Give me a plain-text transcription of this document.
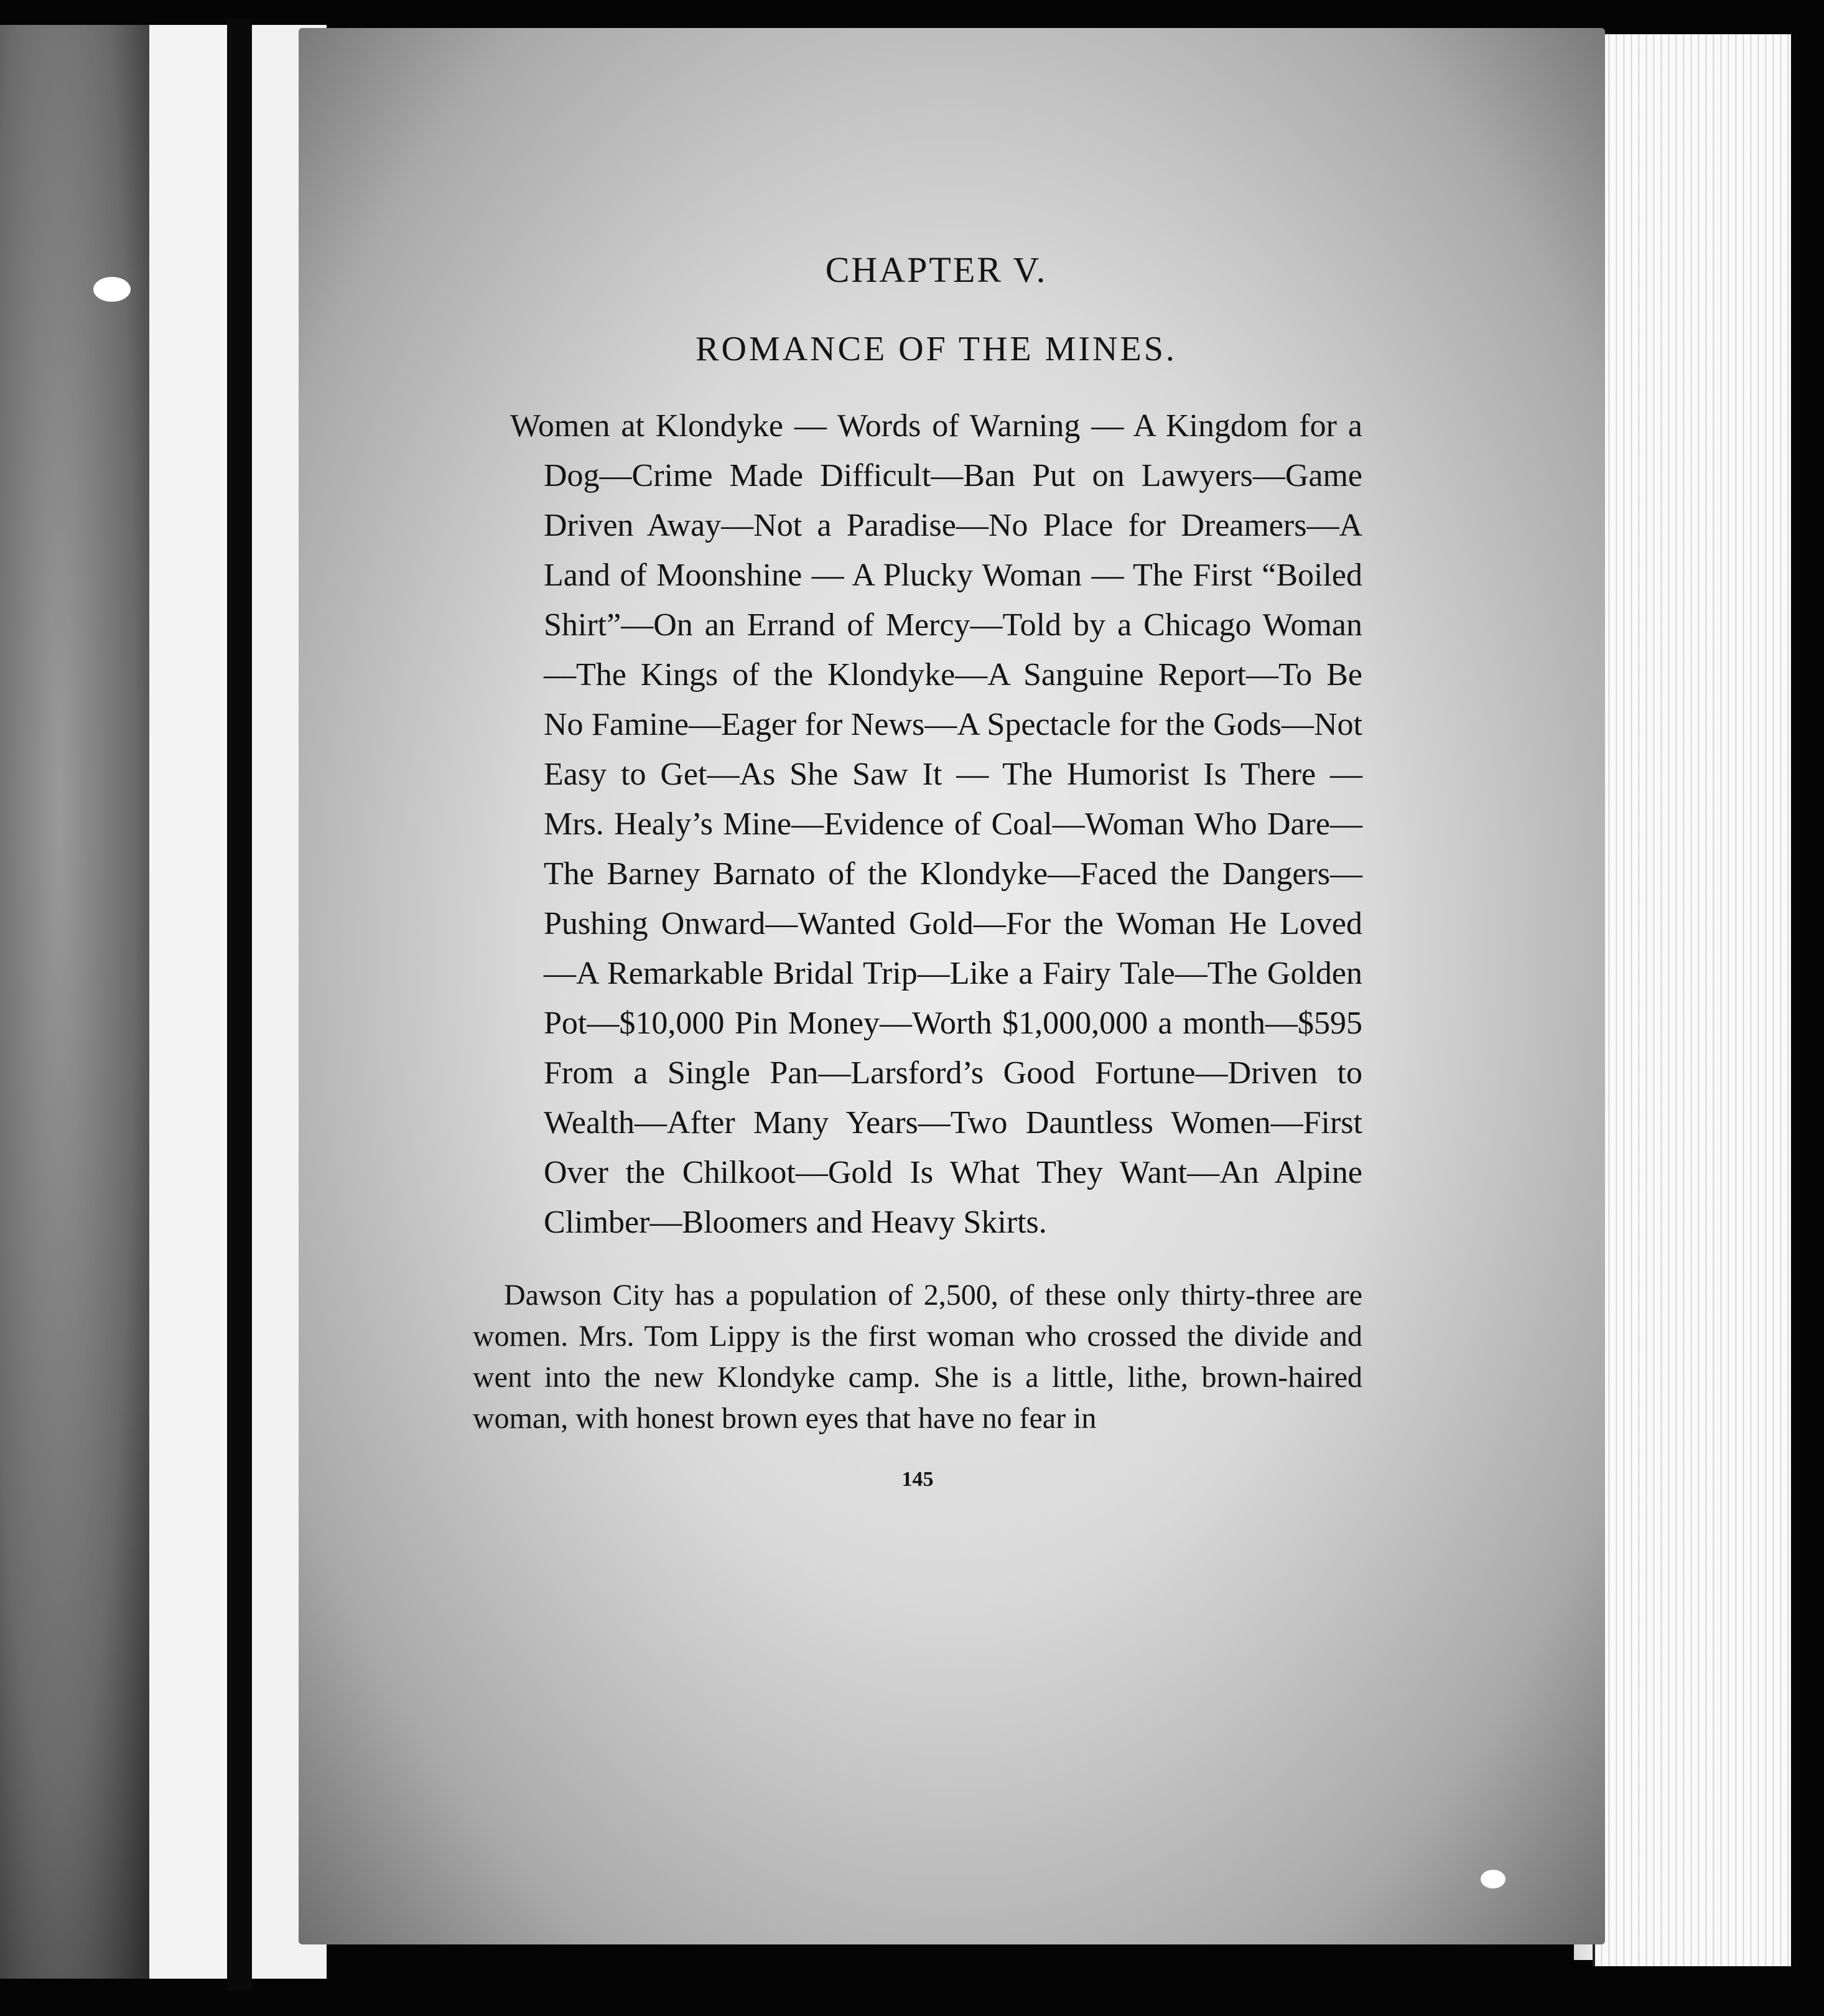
CHAPTER V.
ROMANCE OF THE MINES.

Women at Klondyke — Words of Warning — A Kingdom for a Dog—Crime Made Difficult—Ban Put on Lawyers—Game Driven Away—Not a Paradise—No Place for Dreamers—A Land of Moonshine — A Plucky Woman — The First “Boiled Shirt”—On an Errand of Mercy—Told by a Chicago Woman—The Kings of the Klondyke—A Sanguine Report—To Be No Famine—Eager for News—A Spectacle for the Gods—Not Easy to Get—As She Saw It — The Humorist Is There — Mrs. Healy’s Mine—Evidence of Coal—Woman Who Dare—The Barney Barnato of the Klondyke—Faced the Dangers—Pushing Onward—Wanted Gold—For the Woman He Loved—A Remarkable Bridal Trip—Like a Fairy Tale—The Golden Pot—$10,000 Pin Money—Worth $1,000,000 a month—$595 From a Single Pan—Larsford’s Good Fortune—Driven to Wealth—After Many Years—Two Dauntless Women—First Over the Chilkoot—Gold Is What They Want—An Alpine Climber—Bloomers and Heavy Skirts.

Dawson City has a population of 2,500, of these only thirty-three are women. Mrs. Tom Lippy is the first woman who crossed the divide and went into the new Klondyke camp. She is a little, lithe, brown-haired woman, with honest brown eyes that have no fear in

145
